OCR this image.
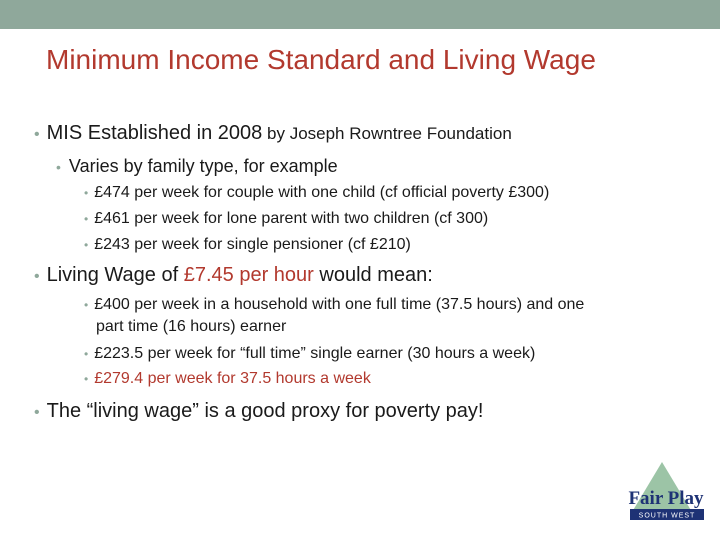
Minimum Income Standard and Living Wage
• MIS Established in 2008 by Joseph Rowntree Foundation
• Varies by family type, for example
• £474 per week for couple with one child (cf official poverty £300)
• £461 per week for lone parent with two children (cf 300)
• £243 per week for single pensioner (cf £210)
• Living Wage of £7.45 per hour would mean:
• £400 per week in a household with one full time (37.5 hours) and one
part time (16 hours) earner
• £223.5 per week for “full time” single earner (30 hours a week)
• £279.4 per week for 37.5 hours a week
• The “living wage” is a good proxy for poverty pay!
Fair Play
SOUTH WEST
